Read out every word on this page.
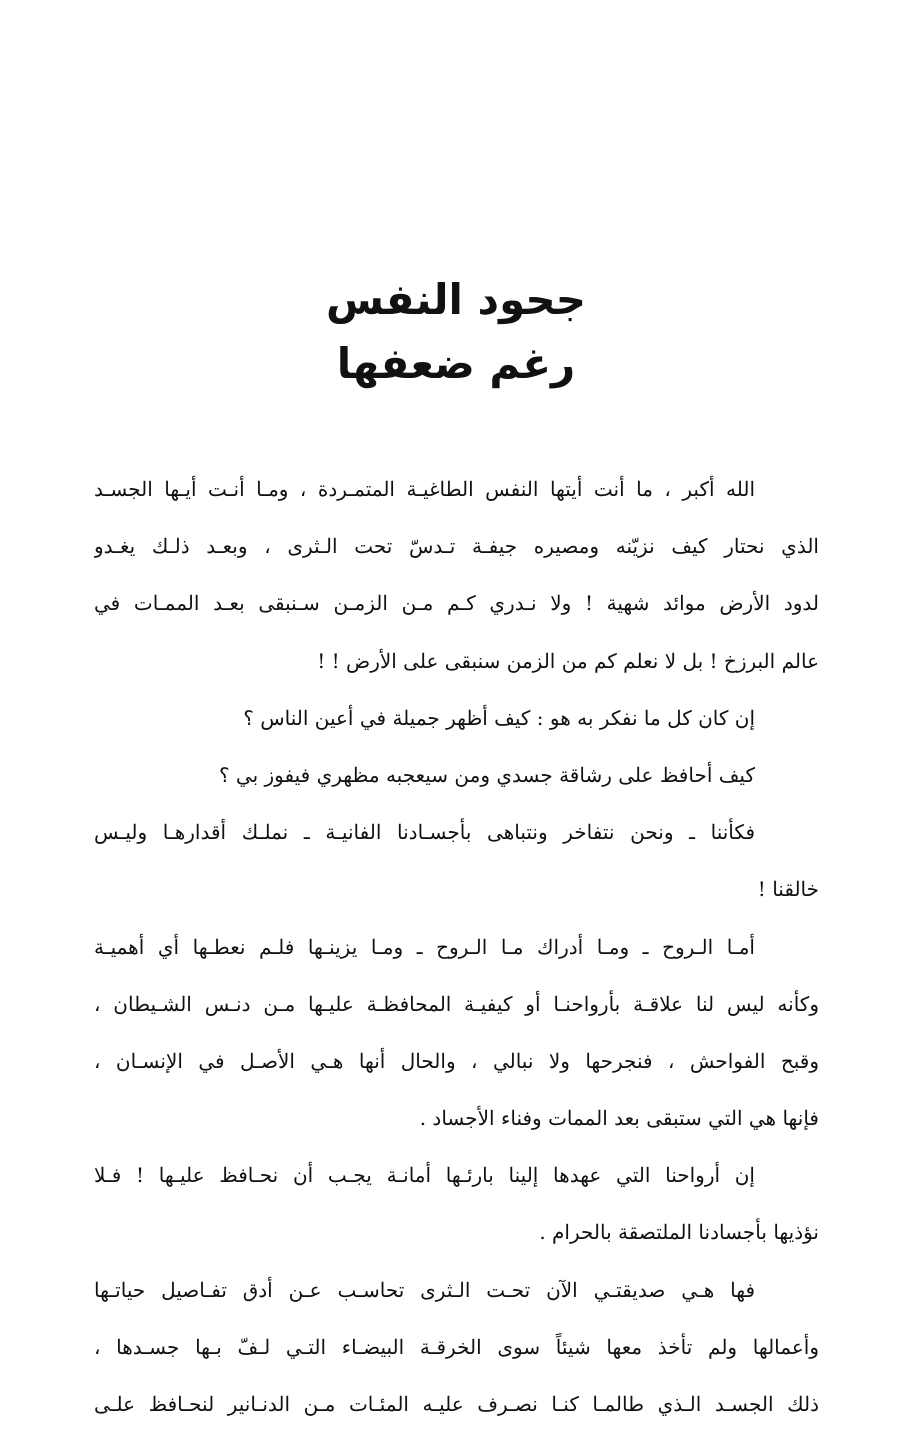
جحود النفس
رغم ضعفها
الله أكبر ، ما أنت أيتها النفس الطاغيـة المتمـردة ، ومـا أنـت أيـها الجسـد
الذي نحتار كيف نزيّنه ومصيره جيفـة تـدسّ تحت الـثرى ، وبعـد ذلـك يغـدو
لدود الأرض موائد شهية ! ولا نـدري كـم مـن الزمـن سـنبقى بعـد الممـات في
عالم البرزخ ! بل لا نعلم كم من الزمن سنبقى على الأرض ! !
إن كان كل ما نفكر به هو : كيف أظهر جميلة في أعين الناس ؟
كيف أحافظ على رشاقة جسدي ومن سيعجبه مظهري فيفوز بي ؟
فكأننا ـ ونحن نتفاخر ونتباهى بأجسـادنا الفانيـة ـ نملـك أقدارهـا وليـس
خالقنا !
أمـا الـروح ـ ومـا أدراك مـا الـروح ـ ومـا يزينـها فلـم نعطـها أي أهميـة
وكأنه ليس لنا علاقـة بأرواحنـا أو كيفيـة المحافظـة عليـها مـن دنـس الشـيطان ،
وقبح الفواحش ، فنجرحها ولا نبالي ، والحال أنها هـي الأصـل في الإنسـان ،
فإنها هي التي ستبقى بعد الممات وفناء الأجساد .
إن أرواحنا التي عهدها إلينا بارئـها أمانـة يجـب أن نحـافظ عليـها ! فـلا
نؤذيها بأجسادنا الملتصقة بالحرام .
فها هـي صديقتـي الآن تحـت الـثرى تحاسـب عـن أدق تفـاصيل حياتـها
وأعمالها ولم تأخذ معها شيئاً سوى الخرقـة البيضـاء التـي لـفّ بـها جسـدها ،
ذلك الجسـد الـذي طالمـا كنـا نصـرف عليـه المئـات مـن الدنـانير لنحـافظ علـى
